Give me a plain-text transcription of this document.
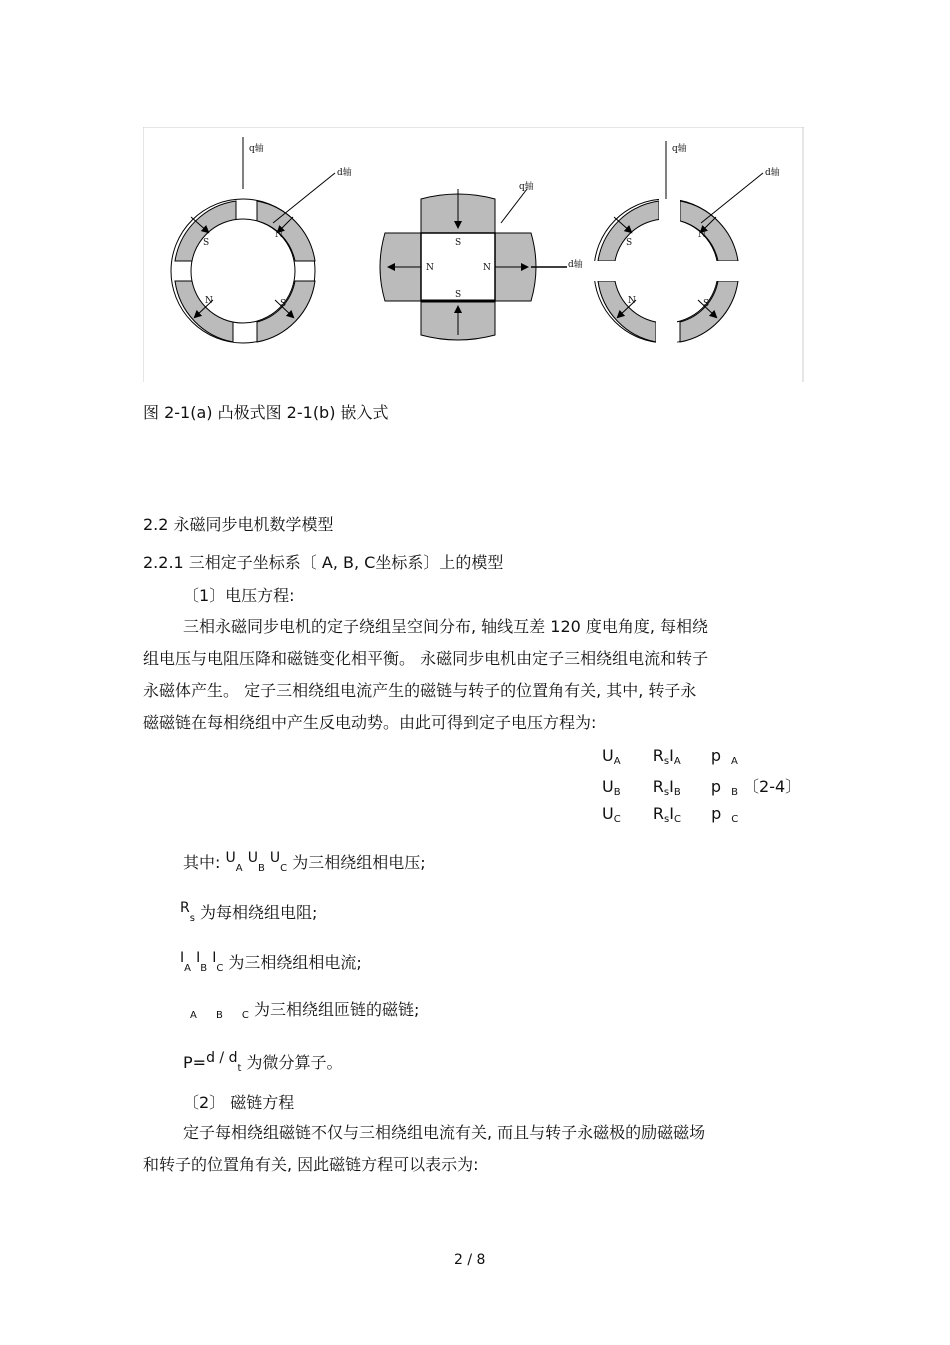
S
N
N	S
q轴
d轴
S
S
N	N
q轴
d轴
S
N
N	S
q轴
d轴
图 2-1(a) 凸极式图 2-1(b) 嵌入式
2.2 永磁同步电机数学模型
2.2.1 三相定子坐标系〔 A, B, C坐标系〕上的模型
〔1〕电压方程:
三相永磁同步电机的定子绕组呈空间分布, 轴线互差 120 度电角度, 每相绕
组电压与电阻压降和磁链变化相平衡。 永磁同步电机由定子三相绕组电流和转子
永磁体产生。 定子三相绕组电流产生的磁链与转子的位置角有关, 其中, 转子永
磁磁链在每相绕组中产生反电动势。由此可得到定子电压方程为:
$U_A$ $R_sI_A$ p $_A$
$U_B$ $R_sI_B$ p $_B$ 〔2-4〕
$U_C$ $R_sI_C$ p $_C$
其中: $U_A$ $U_B$ $U_C$ 为三相绕组相电压;
$R_s$ 为每相绕组电阻;
$I_A$ $I_B$ $I_C$ 为三相绕组相电流;
$_A$ $_B$ $_C$ 为三相绕组匝链的磁链;
$P=d / d_t$ 为微分算子。
〔2〕 磁链方程
定子每相绕组磁链不仅与三相绕组电流有关, 而且与转子永磁极的励磁磁场
和转子的位置角有关, 因此磁链方程可以表示为:
2 / 8
